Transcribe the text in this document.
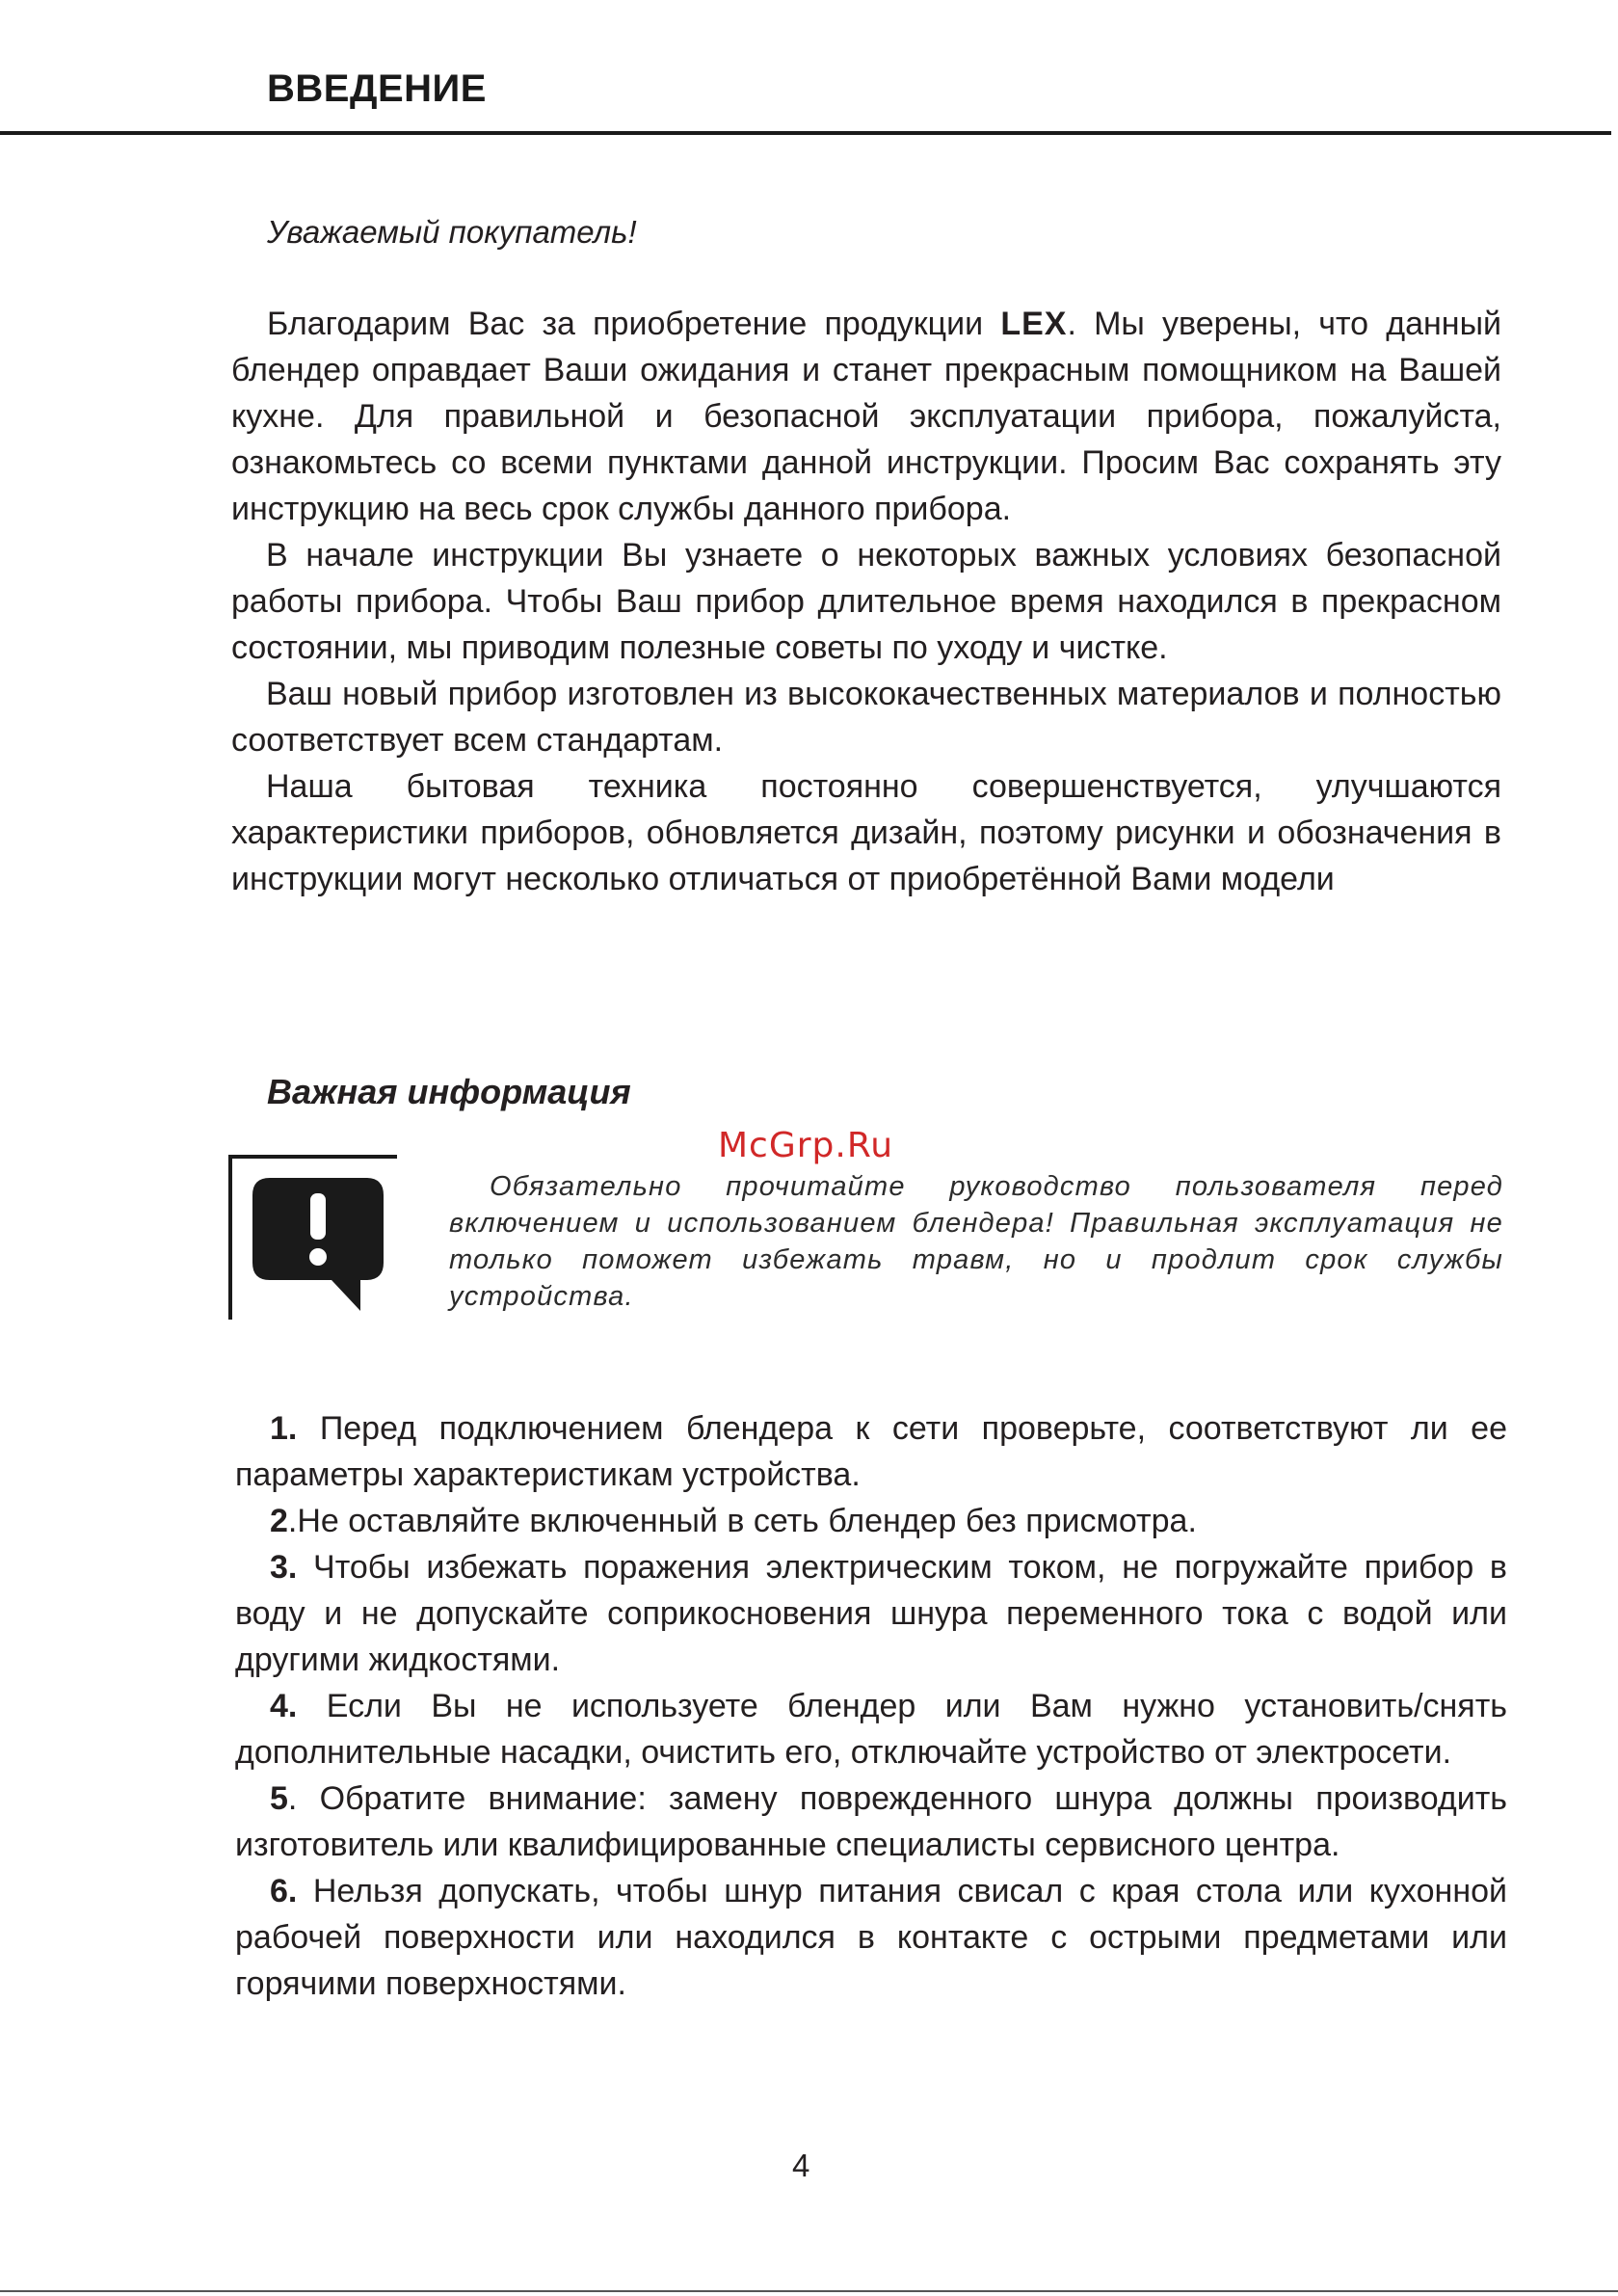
ВВЕДЕНИЕ
Уважаемый покупатель!

Благодарим Вас за приобретение продукции LEX. Мы уверены, что данный блендер оправдает Ваши ожидания и станет прекрасным помощником на Вашей кухне. Для правильной и безопасной эксплуатации прибора, пожалуйста, ознакомьтесь со всеми пунктами данной инструкции. Просим Вас сохранять эту инструкцию на весь срок службы данного прибора.

В начале инструкции Вы узнаете о некоторых важных условиях безопасной работы прибора. Чтобы Ваш прибор длительное время находился в прекрасном состоянии, мы приводим полезные советы по уходу и чистке.

Ваш новый прибор изготовлен из высококачественных материалов и полностью соответствует всем стандартам.

Наша бытовая техника постоянно совершенствуется, улучшаются характеристики приборов, обновляется дизайн, поэтому рисунки и обозначения в инструкции могут несколько отличаться от приобретённой Вами модели

Важная информация
McGrp.Ru
Обязательно прочитайте руководство пользователя перед включением и использованием блендера! Правильная эксплуатация не только поможет избежать травм, но и продлит срок службы устройства.

1. Перед подключением блендера к сети проверьте, соответствуют ли ее параметры характеристикам устройства.

2.Не оставляйте включенный в сеть блендер без присмотра.

3. Чтобы избежать поражения электрическим током, не погружайте прибор в воду и не допускайте соприкосновения шнура переменного тока с водой или другими жидкостями.

4. Если Вы не используете блендер или Вам нужно установить/снять дополнительные насадки, очистить его, отключайте устройство от электросети.

5. Обратите внимание: замену поврежденного шнура должны производить изготовитель или квалифицированные специалисты сервисного центра.

6. Нельзя допускать, чтобы шнур питания свисал с края стола или кухонной рабочей поверхности или находился в контакте с острыми предметами или горячими поверхностями.

4
